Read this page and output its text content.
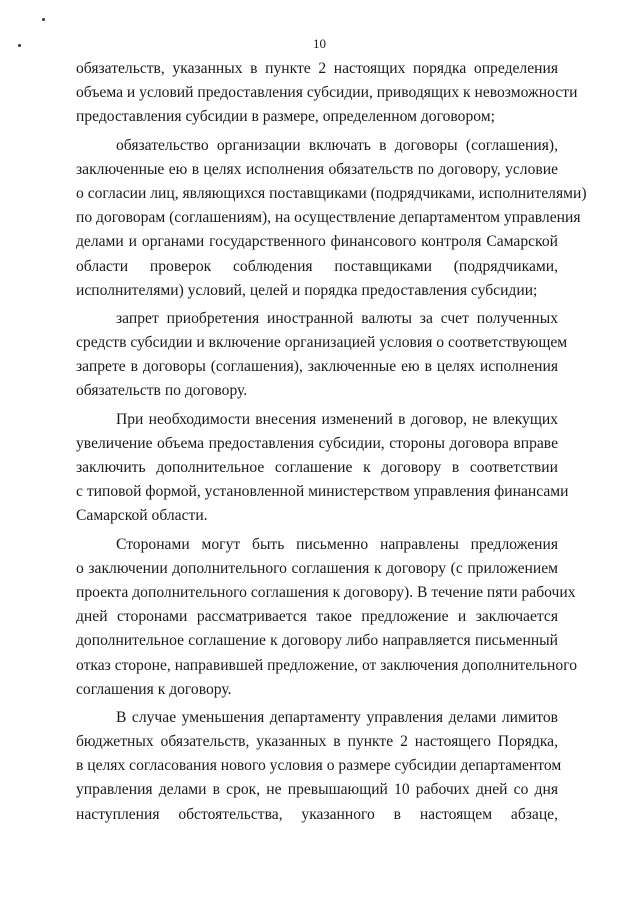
10
обязательств, указанных в пункте 2 настоящих порядка определения
объема и условий предоставления субсидии, приводящих к невозможности
предоставления субсидии в размере, определенном договором;
обязательство организации включать в договоры (соглашения),
заключенные ею в целях исполнения обязательств по договору, условие
о согласии лиц, являющихся поставщиками (подрядчиками, исполнителями)
по договорам (соглашениям), на осуществление департаментом управления
делами и органами государственного финансового контроля Самарской
области проверок соблюдения поставщиками (подрядчиками,
исполнителями) условий, целей и порядка предоставления субсидии;
запрет приобретения иностранной валюты за счет полученных
средств субсидии и включение организацией условия о соответствующем
запрете в договоры (соглашения), заключенные ею в целях исполнения
обязательств по договору.
При необходимости внесения изменений в договор, не влекущих
увеличение объема предоставления субсидии, стороны договора вправе
заключить дополнительное соглашение к договору в соответствии
с типовой формой, установленной министерством управления финансами
Самарской области.
Сторонами могут быть письменно направлены предложения
о заключении дополнительного соглашения к договору (с приложением
проекта дополнительного соглашения к договору). В течение пяти рабочих
дней сторонами рассматривается такое предложение и заключается
дополнительное соглашение к договору либо направляется письменный
отказ стороне, направившей предложение, от заключения дополнительного
соглашения к договору.
В случае уменьшения департаменту управления делами лимитов
бюджетных обязательств, указанных в пункте 2 настоящего Порядка,
в целях согласования нового условия о размере субсидии департаментом
управления делами в срок, не превышающий 10 рабочих дней со дня
наступления обстоятельства, указанного в настоящем абзаце,
